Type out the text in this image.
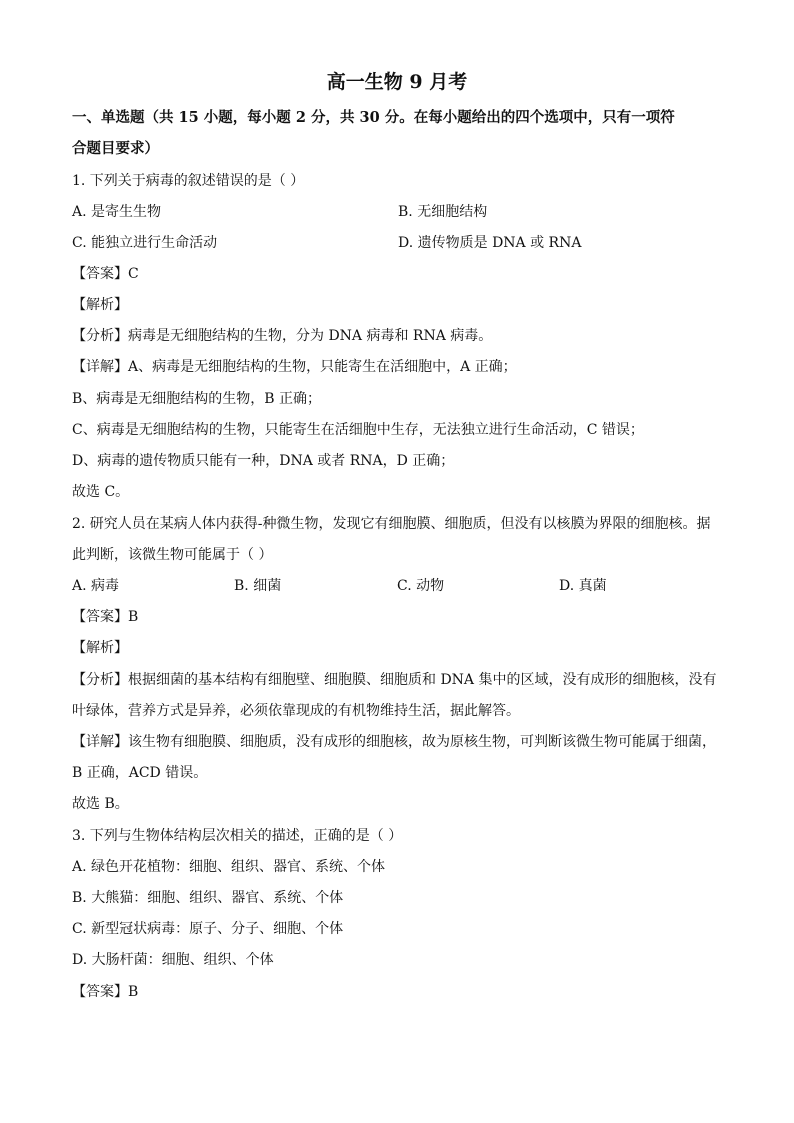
高一生物 9 月考
一、单选题（共 15 小题，每小题 2 分，共 30 分。在每小题给出的四个选项中，只有一项符
合题目要求）
1. 下列关于病毒的叙述错误的是（ ）
A. 是寄生生物	B. 无细胞结构
C. 能独立进行生命活动	D. 遗传物质是 DNA 或 RNA
【答案】C
【解析】
【分析】病毒是无细胞结构的生物，分为 DNA 病毒和 RNA 病毒。
【详解】A、病毒是无细胞结构的生物，只能寄生在活细胞中，A 正确；
B、病毒是无细胞结构的生物，B 正确；
C、病毒是无细胞结构的生物，只能寄生在活细胞中生存，无法独立进行生命活动，C 错误；
D、病毒的遗传物质只能有一种，DNA 或者 RNA，D 正确；
故选 C。
2. 研究人员在某病人体内获得-种微生物，发现它有细胞膜、细胞质，但没有以核膜为界限的细胞核。据
此判断，该微生物可能属于（ ）
A. 病毒	B. 细菌	C. 动物	D. 真菌
【答案】B
【解析】
【分析】根据细菌的基本结构有细胞壁、细胞膜、细胞质和 DNA 集中的区域，没有成形的细胞核，没有
叶绿体，营养方式是异养，必须依靠现成的有机物维持生活，据此解答。
【详解】该生物有细胞膜、细胞质，没有成形的细胞核，故为原核生物，可判断该微生物可能属于细菌，
B 正确，ACD 错误。
故选 B。
3. 下列与生物体结构层次相关的描述，正确的是（ ）
A. 绿色开花植物：细胞、组织、器官、系统、个体
B. 大熊猫：细胞、组织、器官、系统、个体
C. 新型冠状病毒：原子、分子、细胞、个体
D. 大肠杆菌：细胞、组织、个体
【答案】B
